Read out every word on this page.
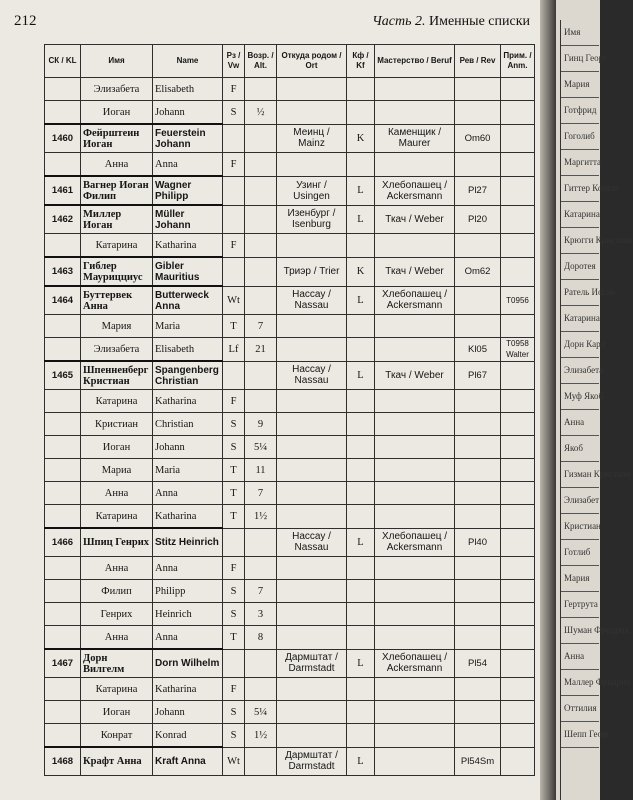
212	Часть 2. Именные списки
СК / KL	Имя	Name	Рз / Vw	Возр. / Alt.	Откуда родом / Ort	Кф / Kf	Мастерство / Beruf	Рев / Rev	Прим. / Anm.
	Элизабета	Elisabeth	F						
	Иоган	Johann	S	½					
1460	Фейрштеин Иоган	Feuerstein Johann			Меинц / Mainz	K	Каменщик / Maurer	Om60	
	Анна	Anna	F						
1461	Вагнер Иоган Филип	Wagner Philipp			Узинг / Usingen	L	Хлебопашец / Ackersmann	Pl27	
1462	Миллер Иоган	Müller Johann			Изенбург / Isenburg	L	Ткач / Weber	Pl20	
	Катарина	Katharina	F						
1463	Гиблер Маурицциус	Gibler Mauritius			Триэр / Trier	K	Ткач / Weber	Om62	
1464	Буттервек Анна	Butterweck Anna	Wt		Нассау / Nassau	L	Хлебопашец / Ackersmann		T0956
	Мария	Maria	T	7					
	Элизабета	Elisabeth	Lf	21				Kl05	T0958 Walter
1465	Шпенненберг Кристиан	Spangenberg Christian			Нассау / Nassau	L	Ткач / Weber	Pl67	
	Катарина	Katharina	F						
	Кристиан	Christian	S	9					
	Иоган	Johann	S	5¼					
	Мариа	Maria	T	11					
	Анна	Anna	T	7					
	Катарина	Katharina	T	1½					
1466	Шпиц Генрих	Stitz Heinrich			Нассау / Nassau	L	Хлебопашец / Ackersmann	Pl40	
	Анна	Anna	F						
	Филип	Philipp	S	7					
	Генрих	Heinrich	S	3					
	Анна	Anna	T	8					
1467	Дорн Вилгелм	Dorn Wilhelm			Дармштат / Darmstadt	L	Хлебопашец / Ackersmann	Pl54	
	Катарина	Katharina	F						
	Иоган	Johann	S	5¼					
	Конрат	Konrad	S	1½					
1468	Крафт Анна	Kraft Anna	Wt		Дармштат / Darmstadt	L		Pl54Sm	
Имя
Гинц Георг
Мария
Готфрид
Гоголиб
Маргитта
Гиттер Конрат
Катарина
Крюгги Кристиан
Доротея
Ратель Иоган
Катарина
Дорн Карл
Элизабета
Муф Якоб
Анна
Якоб
Гизман Кристиан
Элизабет
Кристиан
Готлиб
Мария
Гертрута
Шуман Фридрих
Анна
Маллер Фридрих
Оттилия
Шепп Георг
